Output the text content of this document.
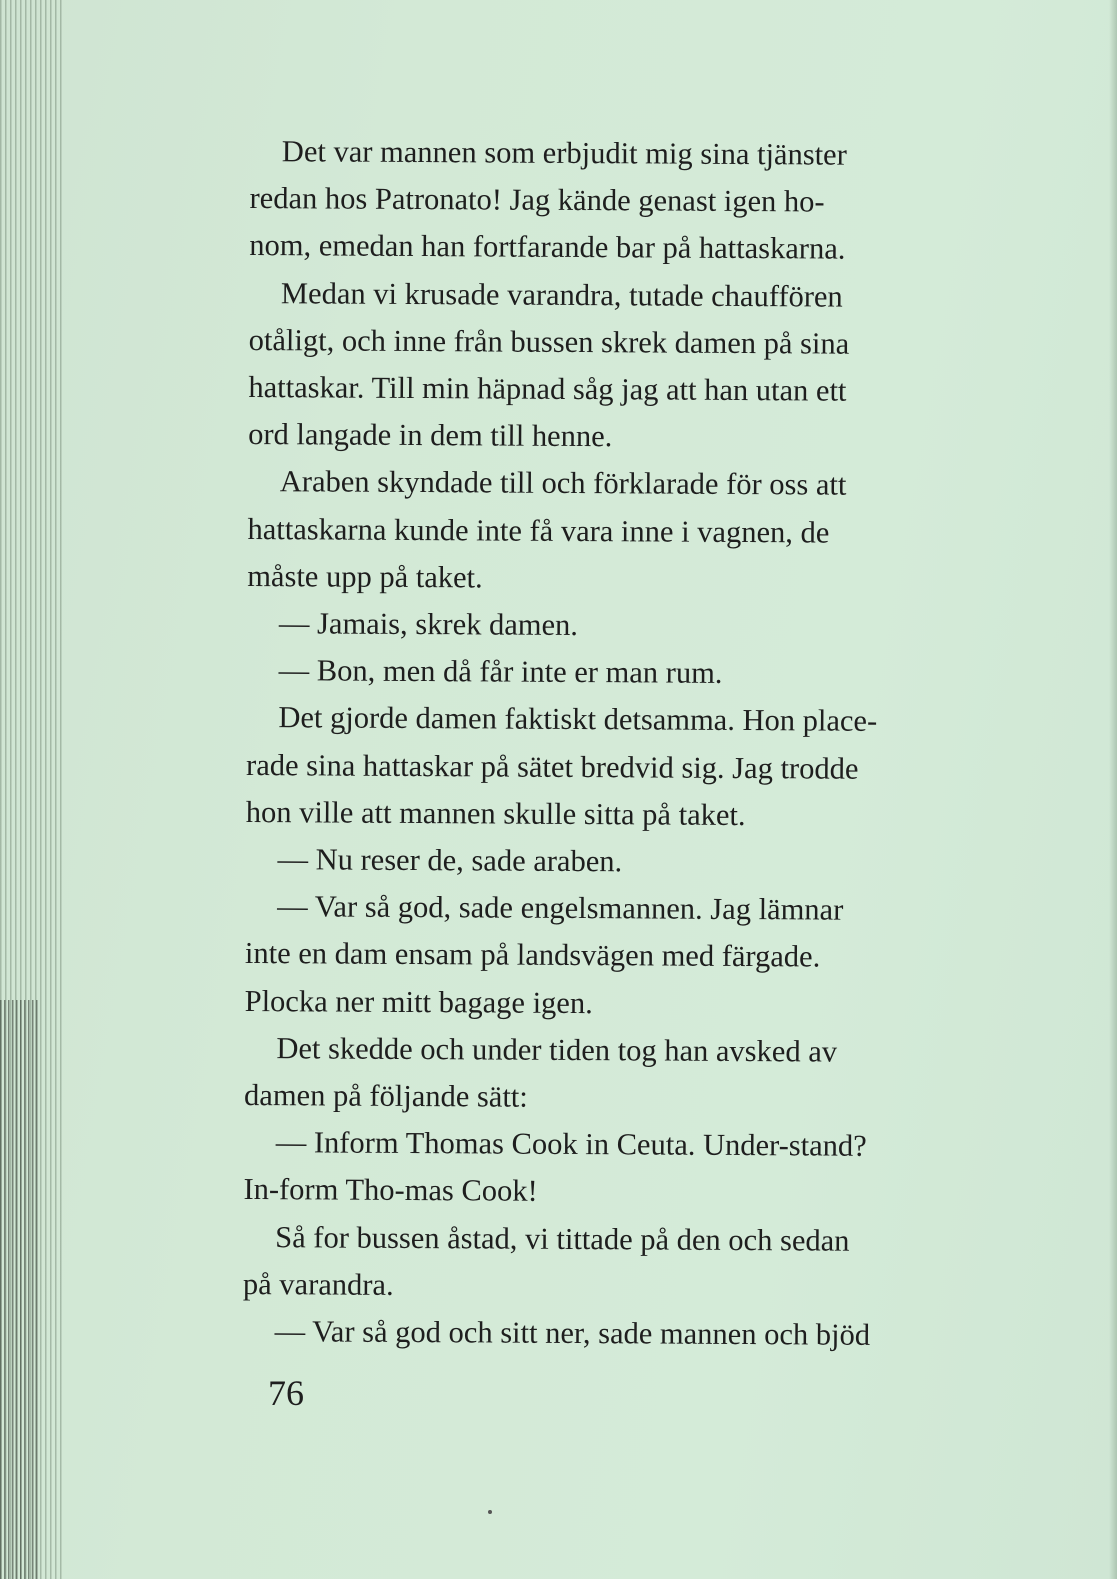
Det var mannen som erbjudit mig sina tjänster

redan hos Patronato! Jag kände genast igen ho-

nom, emedan han fortfarande bar på hattaskarna.

Medan vi krusade varandra, tutade chauffören

otåligt, och inne från bussen skrek damen på sina

hattaskar. Till min häpnad såg jag att han utan ett

ord langade in dem till henne.

Araben skyndade till och förklarade för oss att

hattaskarna kunde inte få vara inne i vagnen, de

måste upp på taket.

— Jamais, skrek damen.

— Bon, men då får inte er man rum.

Det gjorde damen faktiskt detsamma. Hon place-

rade sina hattaskar på sätet bredvid sig. Jag trodde

hon ville att mannen skulle sitta på taket.

— Nu reser de, sade araben.

— Var så god, sade engelsmannen. Jag lämnar

inte en dam ensam på landsvägen med färgade.

Plocka ner mitt bagage igen.

Det skedde och under tiden tog han avsked av

damen på följande sätt:

— Inform Thomas Cook in Ceuta. Under-stand?

In-form Tho-mas Cook!

Så for bussen åstad, vi tittade på den och sedan

på varandra.

— Var så god och sitt ner, sade mannen och bjöd

76
